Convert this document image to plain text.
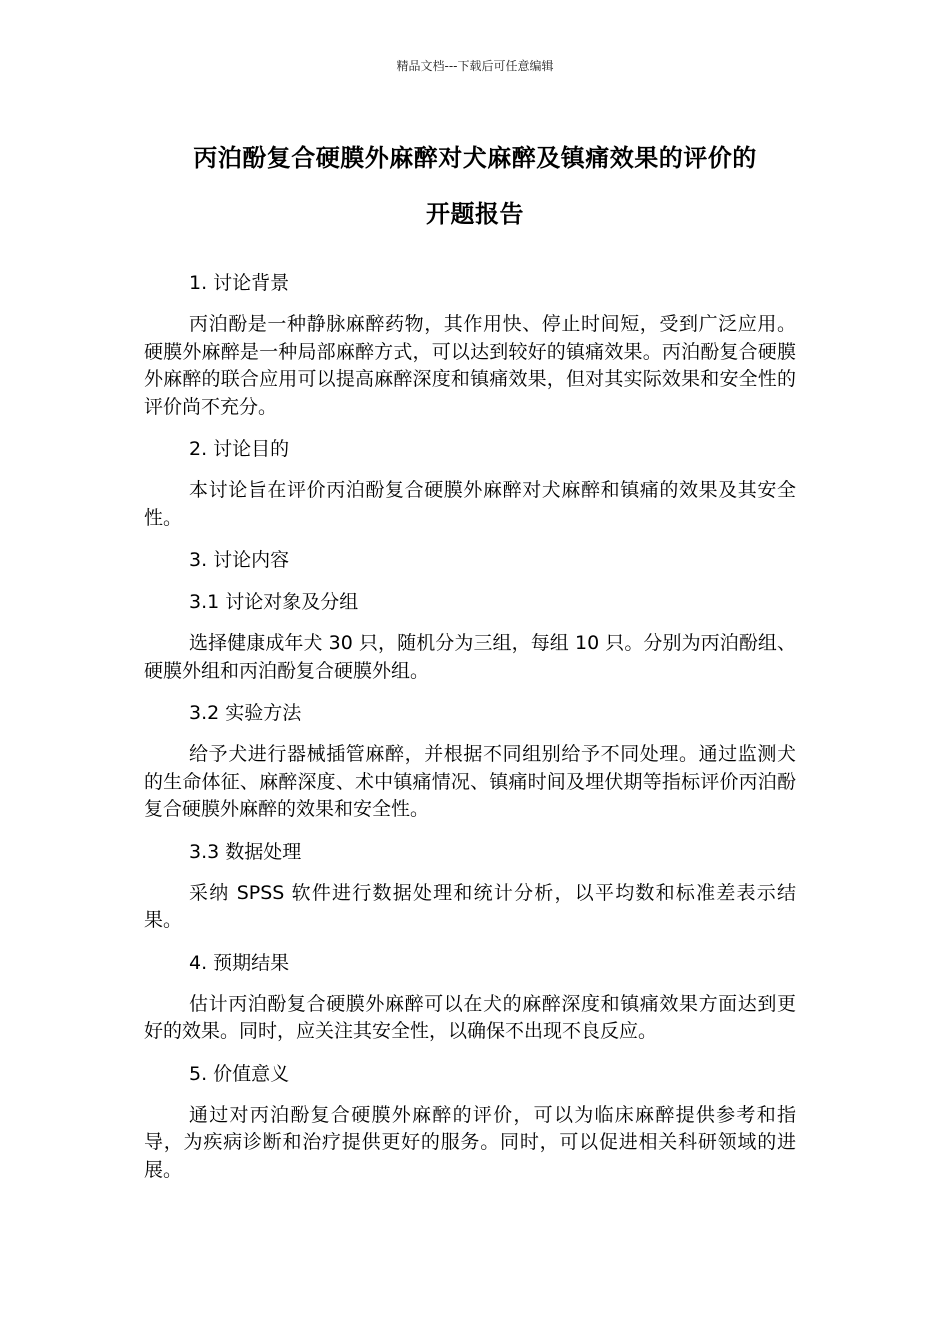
精品文档---下载后可任意编辑
丙泊酚复合硬膜外麻醉对犬麻醉及镇痛效果的评价的
开题报告
1. 讨论背景
丙泊酚是一种静脉麻醉药物，其作用快、停止时间短，受到广泛应用。硬膜外麻醉是一种局部麻醉方式，可以达到较好的镇痛效果。丙泊酚复合硬膜外麻醉的联合应用可以提高麻醉深度和镇痛效果，但对其实际效果和安全性的评价尚不充分。
2. 讨论目的
本讨论旨在评价丙泊酚复合硬膜外麻醉对犬麻醉和镇痛的效果及其安全性。
3. 讨论内容
3.1 讨论对象及分组
选择健康成年犬 30 只，随机分为三组，每组 10 只。分别为丙泊酚组、硬膜外组和丙泊酚复合硬膜外组。
3.2 实验方法
给予犬进行器械插管麻醉，并根据不同组别给予不同处理。通过监测犬的生命体征、麻醉深度、术中镇痛情况、镇痛时间及埋伏期等指标评价丙泊酚复合硬膜外麻醉的效果和安全性。
3.3 数据处理
采纳 SPSS 软件进行数据处理和统计分析，以平均数和标准差表示结果。
4. 预期结果
估计丙泊酚复合硬膜外麻醉可以在犬的麻醉深度和镇痛效果方面达到更好的效果。同时，应关注其安全性，以确保不出现不良反应。
5. 价值意义
通过对丙泊酚复合硬膜外麻醉的评价，可以为临床麻醉提供参考和指导，为疾病诊断和治疗提供更好的服务。同时，可以促进相关科研领域的进展。
